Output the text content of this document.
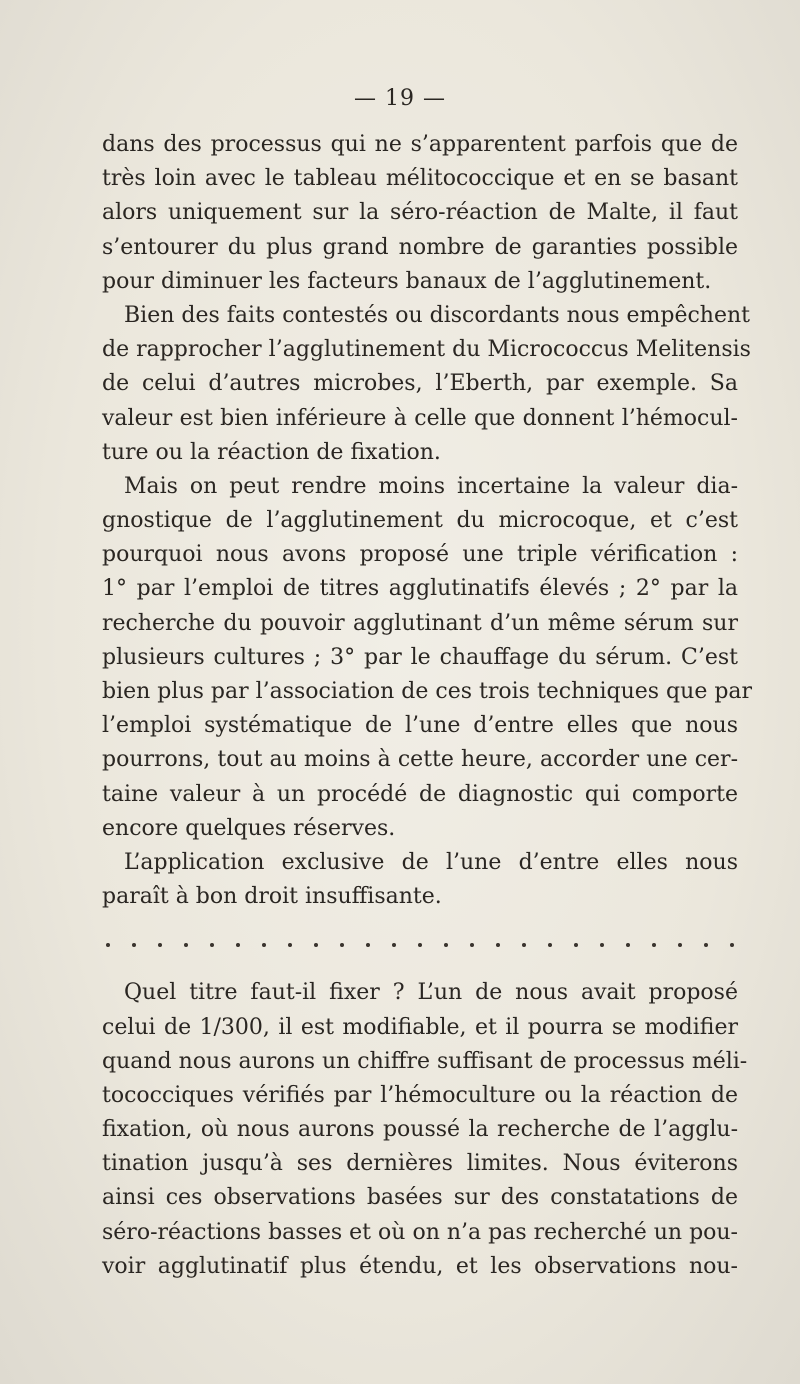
— 19 —
dans des processus qui ne s’apparentent parfois que de
très loin avec le tableau mélitococcique et en se basant
alors uniquement sur la séro-réaction de Malte, il faut
s’entourer du plus grand nombre de garanties possible
pour diminuer les facteurs banaux de l’agglutinement.
Bien des faits contestés ou discordants nous empêchent
de rapprocher l’agglutinement du Micrococcus Melitensis
de celui d’autres microbes, l’Eberth, par exemple. Sa
valeur est bien inférieure à celle que donnent l’hémocul-
ture ou la réaction de fixation.
Mais on peut rendre moins incertaine la valeur dia-
gnostique de l’agglutinement du microcoque, et c’est
pourquoi nous avons proposé une triple vérification :
1° par l’emploi de titres agglutinatifs élevés ; 2° par la
recherche du pouvoir agglutinant d’un même sérum sur
plusieurs cultures ; 3° par le chauffage du sérum. C’est
bien plus par l’association de ces trois techniques que par
l’emploi systématique de l’une d’entre elles que nous
pourrons, tout au moins à cette heure, accorder une cer-
taine valeur à un procédé de diagnostic qui comporte
encore quelques réserves.
L’application exclusive de l’une d’entre elles nous
paraît à bon droit insuffisante.
Quel titre faut-il fixer ? L’un de nous avait proposé
celui de 1/300, il est modifiable, et il pourra se modifier
quand nous aurons un chiffre suffisant de processus méli-
tococciques vérifiés par l’hémoculture ou la réaction de
fixation, où nous aurons poussé la recherche de l’agglu-
tination jusqu’à ses dernières limites. Nous éviterons
ainsi ces observations basées sur des constatations de
séro-réactions basses et où on n’a pas recherché un pou-
voir agglutinatif plus étendu, et les observations nou-
